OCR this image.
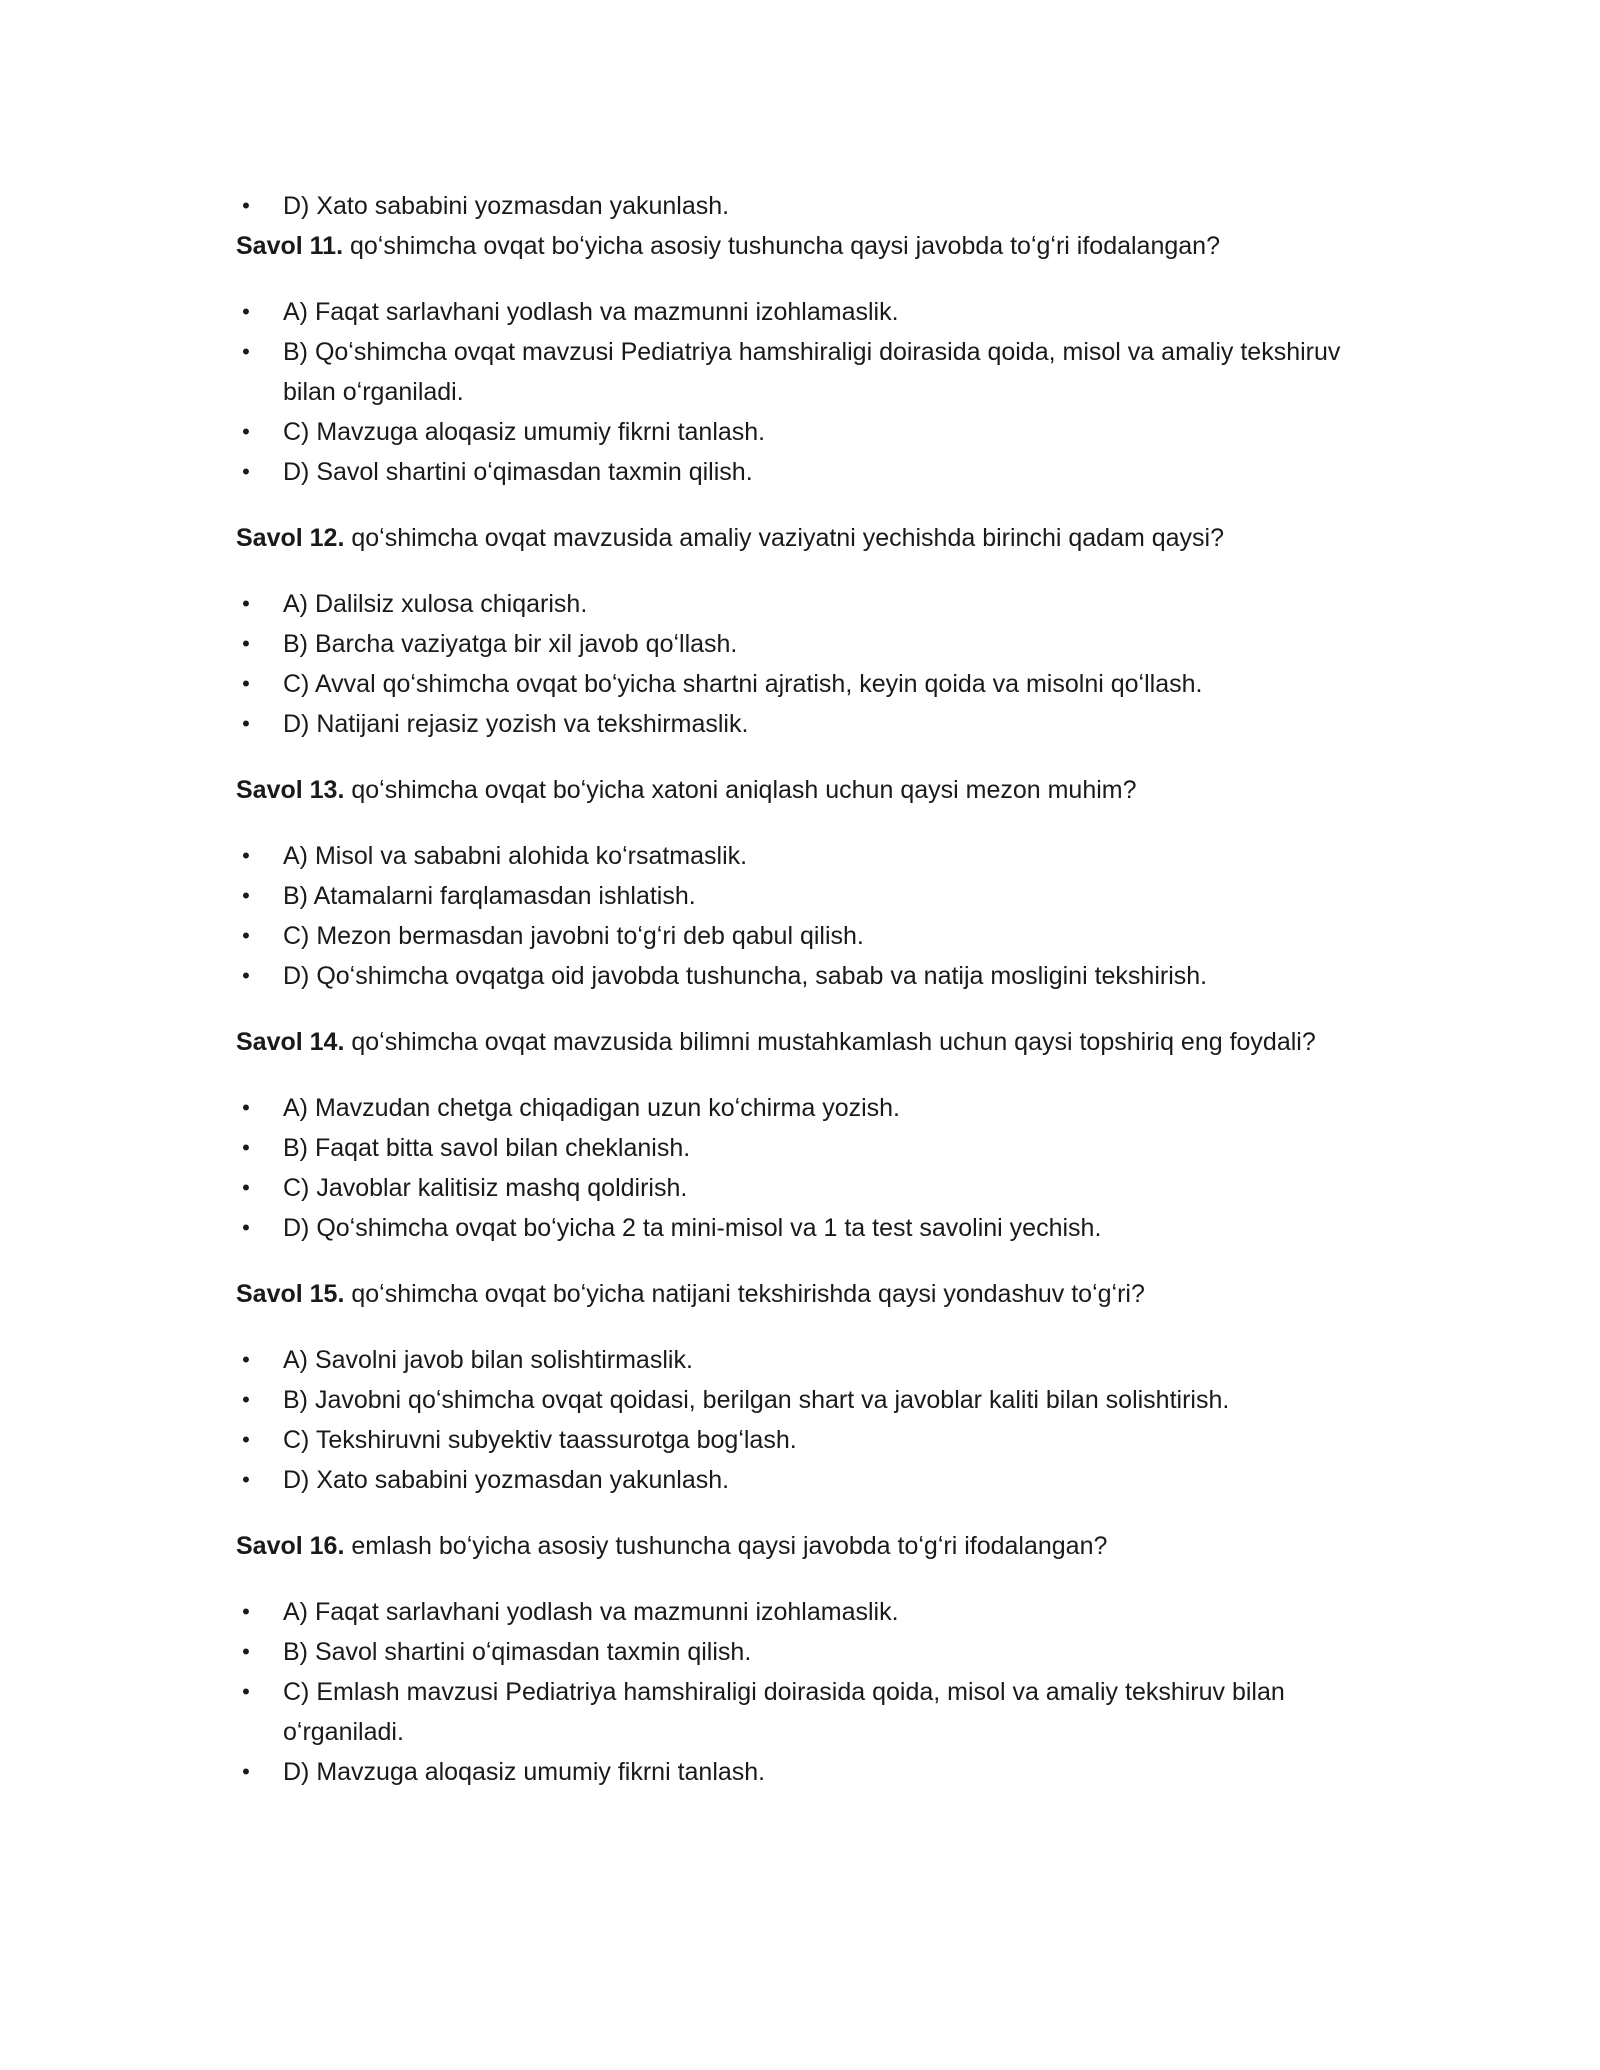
• D) Xato sababini yozmasdan yakunlash.

Savol 11. qoʻshimcha ovqat boʻyicha asosiy tushuncha qaysi javobda toʻgʻri ifodalangan?

• A) Faqat sarlavhani yodlash va mazmunni izohlamaslik.
• B) Qoʻshimcha ovqat mavzusi Pediatriya hamshiraligi doirasida qoida, misol va amaliy tekshiruv bilan oʻrganiladi.
• C) Mavzuga aloqasiz umumiy fikrni tanlash.
• D) Savol shartini oʻqimasdan taxmin qilish.

Savol 12. qoʻshimcha ovqat mavzusida amaliy vaziyatni yechishda birinchi qadam qaysi?

• A) Dalilsiz xulosa chiqarish.
• B) Barcha vaziyatga bir xil javob qoʻllash.
• C) Avval qoʻshimcha ovqat boʻyicha shartni ajratish, keyin qoida va misolni qoʻllash.
• D) Natijani rejasiz yozish va tekshirmaslik.

Savol 13. qoʻshimcha ovqat boʻyicha xatoni aniqlash uchun qaysi mezon muhim?

• A) Misol va sababni alohida koʻrsatmaslik.
• B) Atamalarni farqlamasdan ishlatish.
• C) Mezon bermasdan javobni toʻgʻri deb qabul qilish.
• D) Qoʻshimcha ovqatga oid javobda tushuncha, sabab va natija mosligini tekshirish.

Savol 14. qoʻshimcha ovqat mavzusida bilimni mustahkamlash uchun qaysi topshiriq eng foydali?

• A) Mavzudan chetga chiqadigan uzun koʻchirma yozish.
• B) Faqat bitta savol bilan cheklanish.
• C) Javoblar kalitisiz mashq qoldirish.
• D) Qoʻshimcha ovqat boʻyicha 2 ta mini-misol va 1 ta test savolini yechish.

Savol 15. qoʻshimcha ovqat boʻyicha natijani tekshirishda qaysi yondashuv toʻgʻri?

• A) Savolni javob bilan solishtirmaslik.
• B) Javobni qoʻshimcha ovqat qoidasi, berilgan shart va javoblar kaliti bilan solishtirish.
• C) Tekshiruvni subyektiv taassurotga bogʻlash.
• D) Xato sababini yozmasdan yakunlash.

Savol 16. emlash boʻyicha asosiy tushuncha qaysi javobda toʻgʻri ifodalangan?

• A) Faqat sarlavhani yodlash va mazmunni izohlamaslik.
• B) Savol shartini oʻqimasdan taxmin qilish.
• C) Emlash mavzusi Pediatriya hamshiraligi doirasida qoida, misol va amaliy tekshiruv bilan oʻrganiladi.
• D) Mavzuga aloqasiz umumiy fikrni tanlash.
